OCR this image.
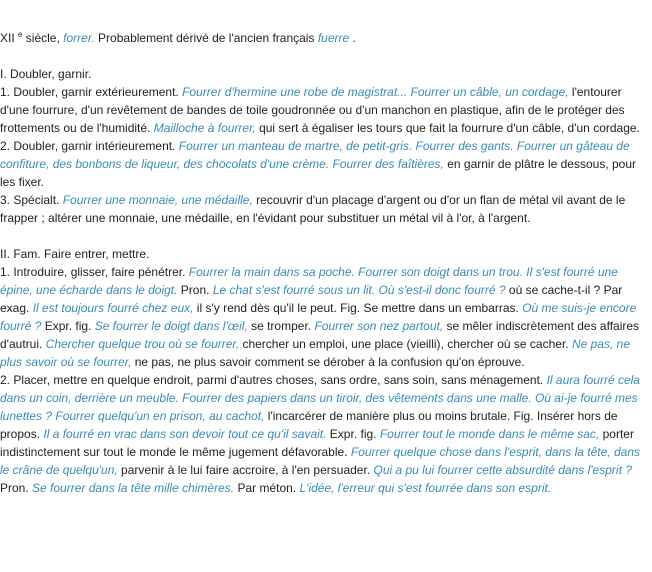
XII $^e$ siècle, forrer. Probablement dérivé de l'ancien français fuerre .

I. Doubler, garnir.

1. Doubler, garnir extérieurement. Fourrer d'hermine une robe de magistrat... Fourrer un câble, un cordage, l'entourer d'une fourrure, d'un revêtement de bandes de toile goudronnée ou d'un manchon en plastique, afin de le protéger des frottements ou de l'humidité. Mailloche à fourrer, qui sert à égaliser les tours que fait la fourrure d'un câble, d'un cordage.

2. Doubler, garnir intérieurement. Fourrer un manteau de martre, de petit-gris. Fourrer des gants. Fourrer un gâteau de confiture, des bonbons de liqueur, des chocolats d'une crème. Fourrer des faîtières, en garnir de plâtre le dessous, pour les fixer.

3. Spécialt. Fourrer une monnaie, une médaille, recouvrir d'un placage d'argent ou d'or un flan de métal vil avant de le frapper ; altérer une monnaie, une médaille, en l'évidant pour substituer un métal vil à l'or, à l'argent.

II. Fam. Faire entrer, mettre.

1. Introduire, glisser, faire pénétrer. Fourrer la main dans sa poche. Fourrer son doigt dans un trou. Il s'est fourré une épine, une écharde dans le doigt. Pron. Le chat s'est fourré sous un lit. Où s'est-il donc fourré ? où se cache-t-il ? Par exag. Il est toujours fourré chez eux, il s'y rend dès qu'il le peut. Fig. Se mettre dans un embarras. Où me suis-je encore fourré ? Expr. fig. Se fourrer le doigt dans l'œil, se tromper. Fourrer son nez partout, se mêler indiscrètement des affaires d'autrui. Chercher quelque trou où se fourrer, chercher un emploi, une place (vieilli), chercher où se cacher. Ne pas, ne plus savoir où se fourrer, ne pas, ne plus savoir comment se dérober à la confusion qu'on éprouve.

2. Placer, mettre en quelque endroit, parmi d'autres choses, sans ordre, sans soin, sans ménagement. Il aura fourré cela dans un coin, derrière un meuble. Fourrer des papiers dans un tiroir, des vêtements dans une malle. Où ai-je fourré mes lunettes ? Fourrer quelqu'un en prison, au cachot, l'incarcérer de manière plus ou moins brutale. Fig. Insérer hors de propos. Il a fourré en vrac dans son devoir tout ce qu'il savait. Expr. fig. Fourrer tout le monde dans le même sac, porter indistinctement sur tout le monde le même jugement défavorable. Fourrer quelque chose dans l'esprit, dans la tête, dans le crâne de quelqu'un, parvenir à le lui faire accroire, à l'en persuader. Qui a pu lui fourrer cette absurdité dans l'esprit ? Pron. Se fourrer dans la tête mille chimères. Par méton. L'idée, l'erreur qui s'est fourrée dans son esprit.
